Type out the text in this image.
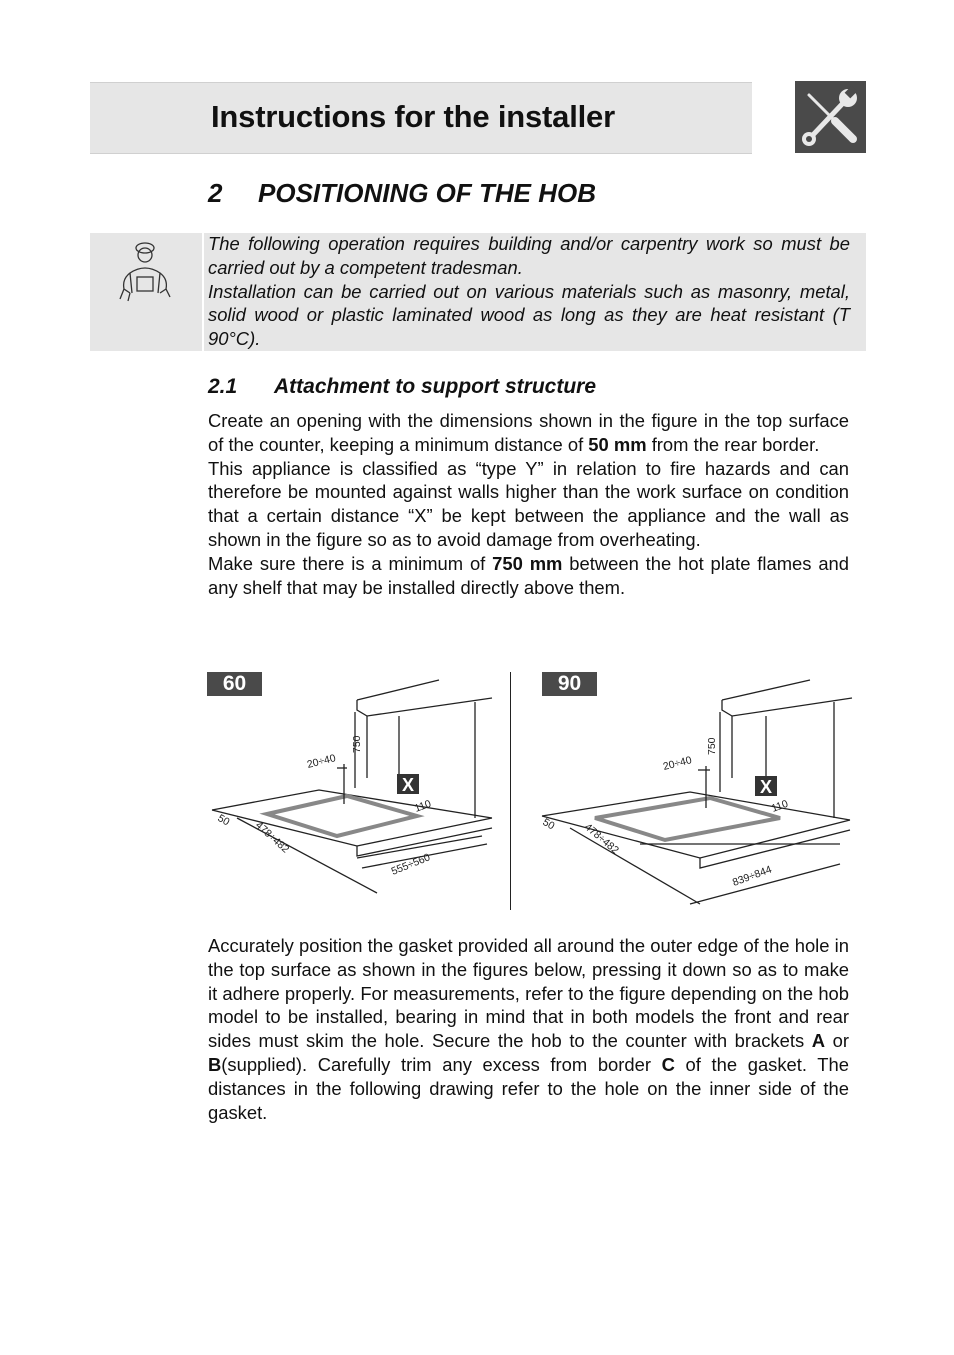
Instructions for the installer
2 POSITIONING OF THE HOB

The following operation requires building and/or carpentry work so must be carried out by a competent tradesman.

Installation can be carried out on various materials such as masonry, metal, solid wood or plastic laminated wood as long as they are heat resistant (T 90°C).

2.1 Attachment to support structure

Create an opening with the dimensions shown in the figure in the top surface of the counter, keeping a minimum distance of 50 mm from the rear border.

This appliance is classified as “type Y” in relation to fire hazards and can therefore be mounted against walls higher than the work surface on condition that a certain distance “X” be kept between the appliance and the wall as shown in the figure so as to avoid damage from overheating.

Make sure there is a minimum of 750 mm between the hot plate flames and any shelf that may be installed directly above them.

60
750
20÷40
X
110
50 478÷482
555÷560
90
750
20÷40
X
110
50 478÷482
839÷844

Accurately position the gasket provided all around the outer edge of the hole in the top surface as shown in the figures below, pressing it down so as to make it adhere properly. For measurements, refer to the figure depending on the hob model to be installed, bearing in mind that in both models the front and rear sides must skim the hole. Secure the hob to the counter with brackets A or B(supplied). Carefully trim any excess from border C of the gasket. The distances in the following drawing refer to the hole on the inner side of the gasket.
